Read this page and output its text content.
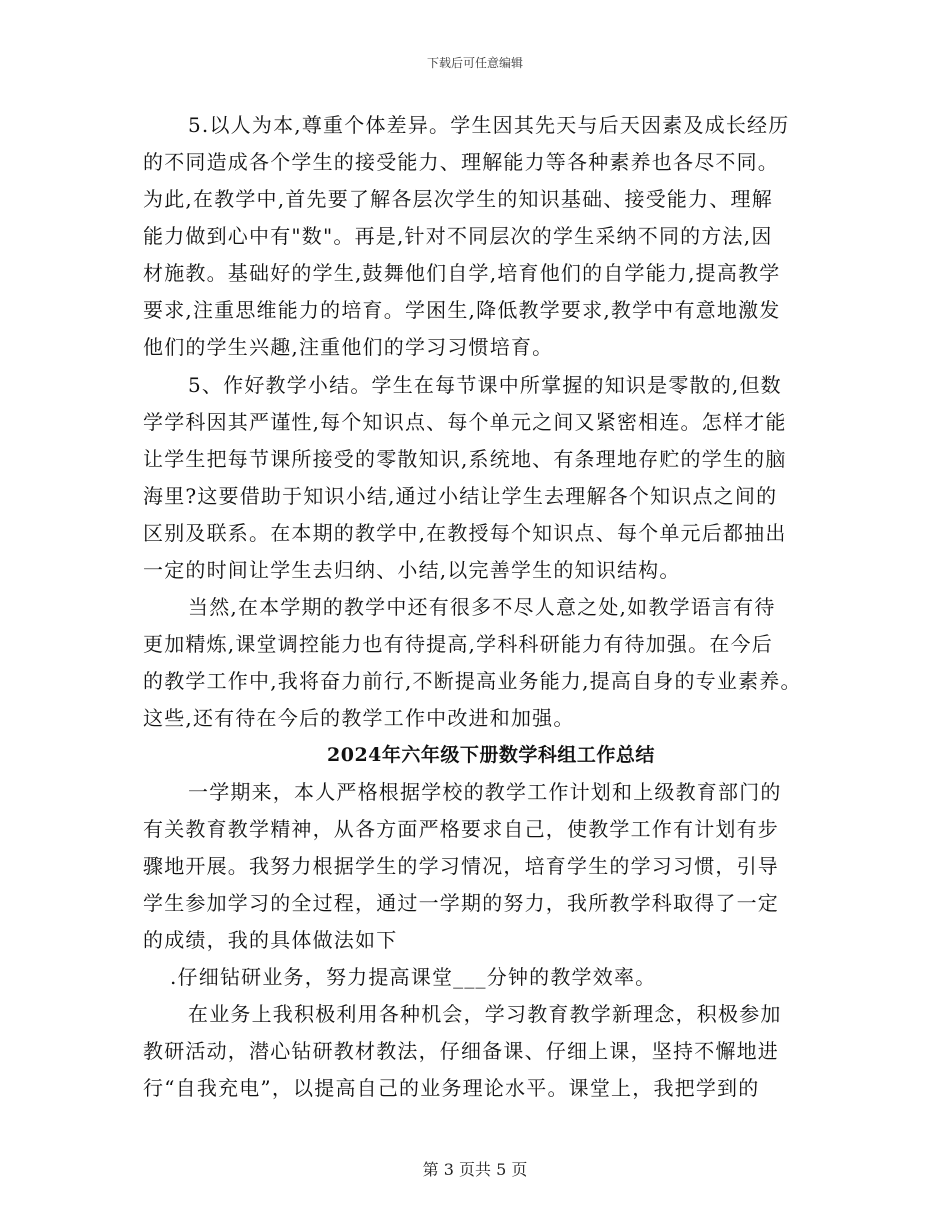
下载后可任意编辑
5.以人为本,尊重个体差异。学生因其先天与后天因素及成长经历
的不同造成各个学生的接受能力、理解能力等各种素养也各尽不同。
为此,在教学中,首先要了解各层次学生的知识基础、接受能力、理解
能力做到心中有"数"。再是,针对不同层次的学生采纳不同的方法,因
材施教。基础好的学生,鼓舞他们自学,培育他们的自学能力,提高教学
要求,注重思维能力的培育。学困生,降低教学要求,教学中有意地激发
他们的学生兴趣,注重他们的学习习惯培育。
5、作好教学小结。学生在每节课中所掌握的知识是零散的,但数
学学科因其严谨性,每个知识点、每个单元之间又紧密相连。怎样才能
让学生把每节课所接受的零散知识,系统地、有条理地存贮的学生的脑
海里?这要借助于知识小结,通过小结让学生去理解各个知识点之间的
区别及联系。在本期的教学中,在教授每个知识点、每个单元后都抽出
一定的时间让学生去归纳、小结,以完善学生的知识结构。
当然,在本学期的教学中还有很多不尽人意之处,如教学语言有待
更加精炼,课堂调控能力也有待提高,学科科研能力有待加强。在今后
的教学工作中,我将奋力前行,不断提高业务能力,提高自身的专业素养。
这些,还有待在今后的教学工作中改进和加强。
2024年六年级下册数学科组工作总结
一学期来，本人严格根据学校的教学工作计划和上级教育部门的
有关教育教学精神，从各方面严格要求自己，使教学工作有计划有步
骤地开展。我努力根据学生的学习情况，培育学生的学习习惯，引导
学生参加学习的全过程，通过一学期的努力，我所教学科取得了一定
的成绩，我的具体做法如下
.仔细钻研业务，努力提高课堂___分钟的教学效率。
在业务上我积极利用各种机会，学习教育教学新理念，积极参加
教研活动，潜心钻研教材教法，仔细备课、仔细上课，坚持不懈地进
行“自我充电”，以提高自己的业务理论水平。课堂上，我把学到的
第 3 页共 5 页
